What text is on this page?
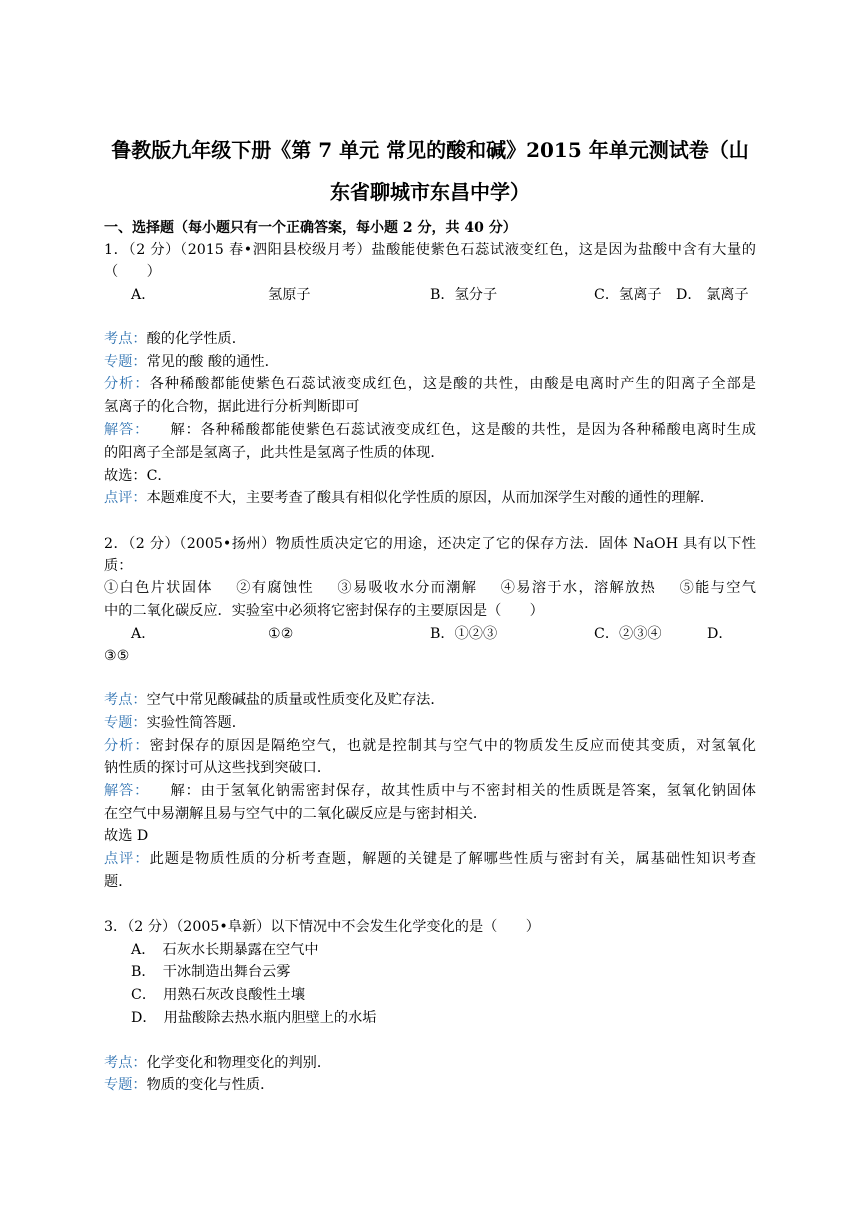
鲁教版九年级下册《第 7 单元 常见的酸和碱》2015 年单元测试卷（山
东省聊城市东昌中学）
一、选择题（每小题只有一个正确答案，每小题 2 分，共 40 分）
1．（2 分）（2015 春•泗阳县校级月考）盐酸能使紫色石蕊试液变红色，这是因为盐酸中含有大量的
（　　）
A．	氢原子	B．氢分子	C．氢离子 D． 氯离子
考点：酸的化学性质．
专题：常见的酸 酸的通性．
分析：各种稀酸都能使紫色石蕊试液变成红色，这是酸的共性，由酸是电离时产生的阳离子全部是
氢离子的化合物，据此进行分析判断即可
解答：    解：各种稀酸都能使紫色石蕊试液变成红色，这是酸的共性，是因为各种稀酸电离时生成
的阳离子全部是氢离子，此共性是氢离子性质的体现．
故选：C．
点评：本题难度不大，主要考查了酸具有相似化学性质的原因，从而加深学生对酸的通性的理解．
2．（2 分）（2005•扬州）物质性质决定它的用途，还决定了它的保存方法．固体 NaOH 具有以下性
质：
①白色片状固体    ②有腐蚀性    ③易吸收水分而潮解    ④易溶于水，溶解放热    ⑤能与空气
中的二氧化碳反应．实验室中必须将它密封保存的主要原因是（　　）
A．	①②	B．①②③	C．②③④	D．
③⑤
考点：空气中常见酸碱盐的质量或性质变化及贮存法．
专题：实验性简答题．
分析：密封保存的原因是隔绝空气，也就是控制其与空气中的物质发生反应而使其变质，对氢氧化
钠性质的探讨可从这些找到突破口．
解答：    解：由于氢氧化钠需密封保存，故其性质中与不密封相关的性质既是答案，氢氧化钠固体
在空气中易潮解且易与空气中的二氧化碳反应是与密封相关．
故选 D
点评：此题是物质性质的分析考查题，解题的关键是了解哪些性质与密封有关，属基础性知识考查
题．
3．（2 分）（2005•阜新）以下情况中不会发生化学变化的是（　　）
A．　石灰水长期暴露在空气中
B．　干冰制造出舞台云雾
C．　用熟石灰改良酸性土壤
D．　用盐酸除去热水瓶内胆壁上的水垢
考点：化学变化和物理变化的判别．
专题：物质的变化与性质．
